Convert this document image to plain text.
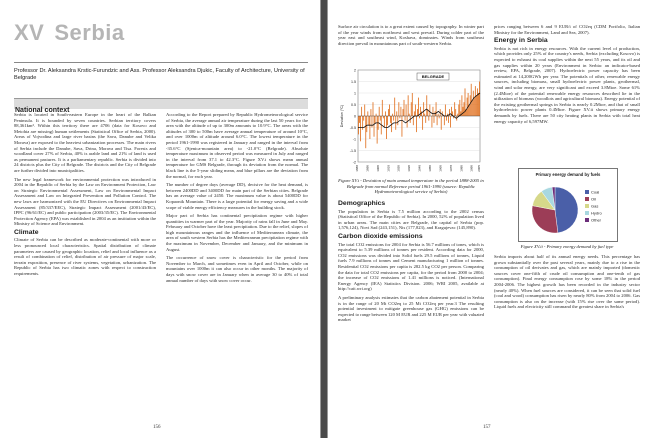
XV Serbia
Professor Dr. Aleksandra Krstic-Furundzic and Ass. Professor Aleksandra Djukic, Faculty of Architecture, University of Belgrade
National context

Serbia is located in South-eastern Europe in the heart of the Balkan Peninsula. It is bounded by seven countries. Serbian territory covers 88,361km². Within this territory there are 4706 (data for Kosovo and Metohia are missing) human settlements (Statistical Office of Serbia, 2000). Areas of Vojvodina and large river basins (the Sava, Danube and Velika Morava) are exposed to the heaviest urbanization processes. The main rivers of Serbia include the Danube, Sava, Drina, Morava and Tisa. Forests and woodland cover 27% of Serbia, 40% is arable land and 21% of land is used as permanent pastures. It is a parliamentary republic. Serbia is divided into 24 districts plus the City of Belgrade. The districts and the City of Belgrade are further divided into municipalities.

The new legal framework for environmental protection was introduced in 2004 in the Republic of Serbia by the Law on Environment Protection, Law on Strategic Environmental Assessment, Law on Environmental Impact Assessment and Law on Integrated Prevention and Pollution Control. The new laws are harmonized with the EU Directives on Environmental Impact Assessment (85/337/EEC), Strategic Impact Assessment (2001/43/EC), IPPC (96/61/EC) and public participation (2003/35/EC). The Environmental Protection Agency (EPA) was established in 2004 as an institution within the Ministry of Science and Environment.

Climate

Climate of Serbia can be described as moderate-continental with more or less pronounced local characteristics. Spatial distribution of climate parameters are caused by geographic location, relief and local influence as a result of combination of relief, distribution of air pressure of major scale, terrain exposition, presence of river systems, vegetation, urbanization. The Republic of Serbia has two climatic zones with respect to construction requirements.

According to the Report prepared by Republic Hydrometeorological service of Serbia, the average annual air temperature during the last 50 years for the area with the altitude of up to 300m amounts to 10.9°C. The areas with the altitudes of 300 to 500m have average annual temperature of around 10°C, and over 1000m of altitude around 6.0°C. The lowest temperature in the period 1961-1990 was registered in January and ranged in the interval from -35.6°C (Sjenica-mountain area) to -21.0°C (Belgrade). Absolute temperature maximum in observed period was measured in July and ranged in the interval from 37.1 to 42.3°C. Figure XV.i shows mean annual temperature for GMS Belgrade, through its deviation from the normal. The black line is the 5-year sliding mean, and blue pillars are the deviation from the normal, for each year.

The number of degree days (average DD), decisive for the heat demand, is between 2400DD and 3400DD for main part of the Serbian cities. Belgrade has an average value of 2450. The maximum value is about 5400DD for Kopaonik Mountain. There is a large potential for energy saving and a wide scope of viable energy efficiency measures in the building stock.

Major part of Serbia has continental precipitation regime with higher quantities in warmer part of the year. Majority of rains fall in June and May. February and October have the least precipitation. Due to the relief, slopes of high mountainous ranges and the influence of Mediterranean climate, the area of south western Serbia has the Mediterranean precipitation regime with the maximum in November, December and January, and the minimum in August.

The occurrence of snow cover is characteristic for the period from November to March, and sometimes even in April and October, while on mountains over 1000m it can also occur in other months. The majority of days with snow cover are in January when in average 30 to 40% of total annual number of days with snow cover occur.

156

Surface air circulation is to a great extent caused by topography. In winter part of the year winds from northwest and west prevail. During colder part of the year east and southeast wind, Koshava, dominates. Winds from southeast direction prevail in mountainous part of south-western Serbia.

-2
-1.5
-1
-0.5
0
0.5
1
1.5
2
1888 1898 1908 1918 1928 1938 1948 1958 1968 1978 1988 1998 2005
BELGRADE
Deviation (°C)
Figure XV.i - Deviation of main annual temperature in the period 1888-2005 in Belgrade from normal Reference period 1961-1990 (source: Republic Hydrometeorological service of Serbia)
Demographics

The population in Serbia is 7.5 million according to the 2002 census (Statistical Office of the Republic of Serbia). In 2000, 52% of population lived in urban areas. The main cities are Belgrade, the capital of Serbia (pop. 1,576,124), Novi Sad (243,151), Nis (177,823), and Kragujevac (145,890).

Carbon dioxide emissions

The total CO2 emissions for 2004 for Serbia is 56.7 millions of tones, which is equivalent to 5.39 millions of tonnes per resident. According data for 2000, CO2 emissions was divided into Solid fuels 29.5 millions of tonnes, Liquid fuels 7.9 millions of tonnes and Cement manufacturing 1 million of tonnes. Residential CO2 emissions per capita is 282.5 kg CO2 per person. Comparing the data for total CO2 emissions per capita, for the period from 2000 to 2004; the increase of CO2 emissions of 1.41 millions is noticed. (International Energy Agency (IEA) Statistics Division. 2006; WRI 2005, available at http://cait.wri.org)

A preliminary analysis estimates that the carbon abatement potential in Serbia is in the range of 20 Mt CO2eq to 25 Mt CO2eq per year.3 The resulting potential investment to mitigate greenhouse gas (GHG) emissions can be expected to range between 120 M EUR and 225 M EUR per year with valuated market

prices ranging between 6 and 9 EUR/t of CO2eq (CDM Portfolio, Italian Ministry for the Environment, Land and Sea, 2007).

Energy in Serbia

Serbia is not rich in energy resources. With the current level of production, which provides only 25% of the country's needs, Serbia (excluding Kosovo) is expected to exhaust its coal supplies within the next 55 years, and its oil and gas supplies within 20 years (Environment in Serbia: an indicator-based review, EPA, Belgrade, 2007). Hydroelectric power capacity has been estimated at 14,200GWh per year. The potentials of other, renewable energy sources, including biomass, small hydroelectric power plants, geothermal, wind and solar energy, are very significant and exceed 3.8Mtoe. Some 61% (2.4Mtoe) of the potential renewable energy resources described lie in the utilization of biomass (woodlots and agricultural biomass). Energy potential of the existing geothermal springs in Serbia is nearly 0.2Mtoe, and that of small hydroelectric power plants 0.4Mtoe. Figure XV.ii shows primary energy demands by fuels. There are 50 city heating plants in Serbia with total heat energy capacity of 6,597MW.

Primary energy demand by fuels
Coal
Oil
Gas
Hydro
Other
Figure XV.ii - Primary energy demand by fuel type

Serbia imports about half of its annual energy needs. This percentage has grown substantially over the past several years, mainly due to a rise in the consumption of oil derivates and gas, which are mainly imported (domestic sources cover one-fifth of crude oil consumption and one-tenth of gas consumption). Final energy consumption rose by some 18% in the period 2004-2006. The highest growth has been recorded in the industry sector (nearly 40%). When fuel sources are considered, it can be seen that solid fuel (coal and wood) consumption has risen by nearly 80% from 2004 to 2006. Gas consumption is also on the increase (with 15% rise over the same period). Liquid fuels and electricity still command the greatest share in Serbia's

157
